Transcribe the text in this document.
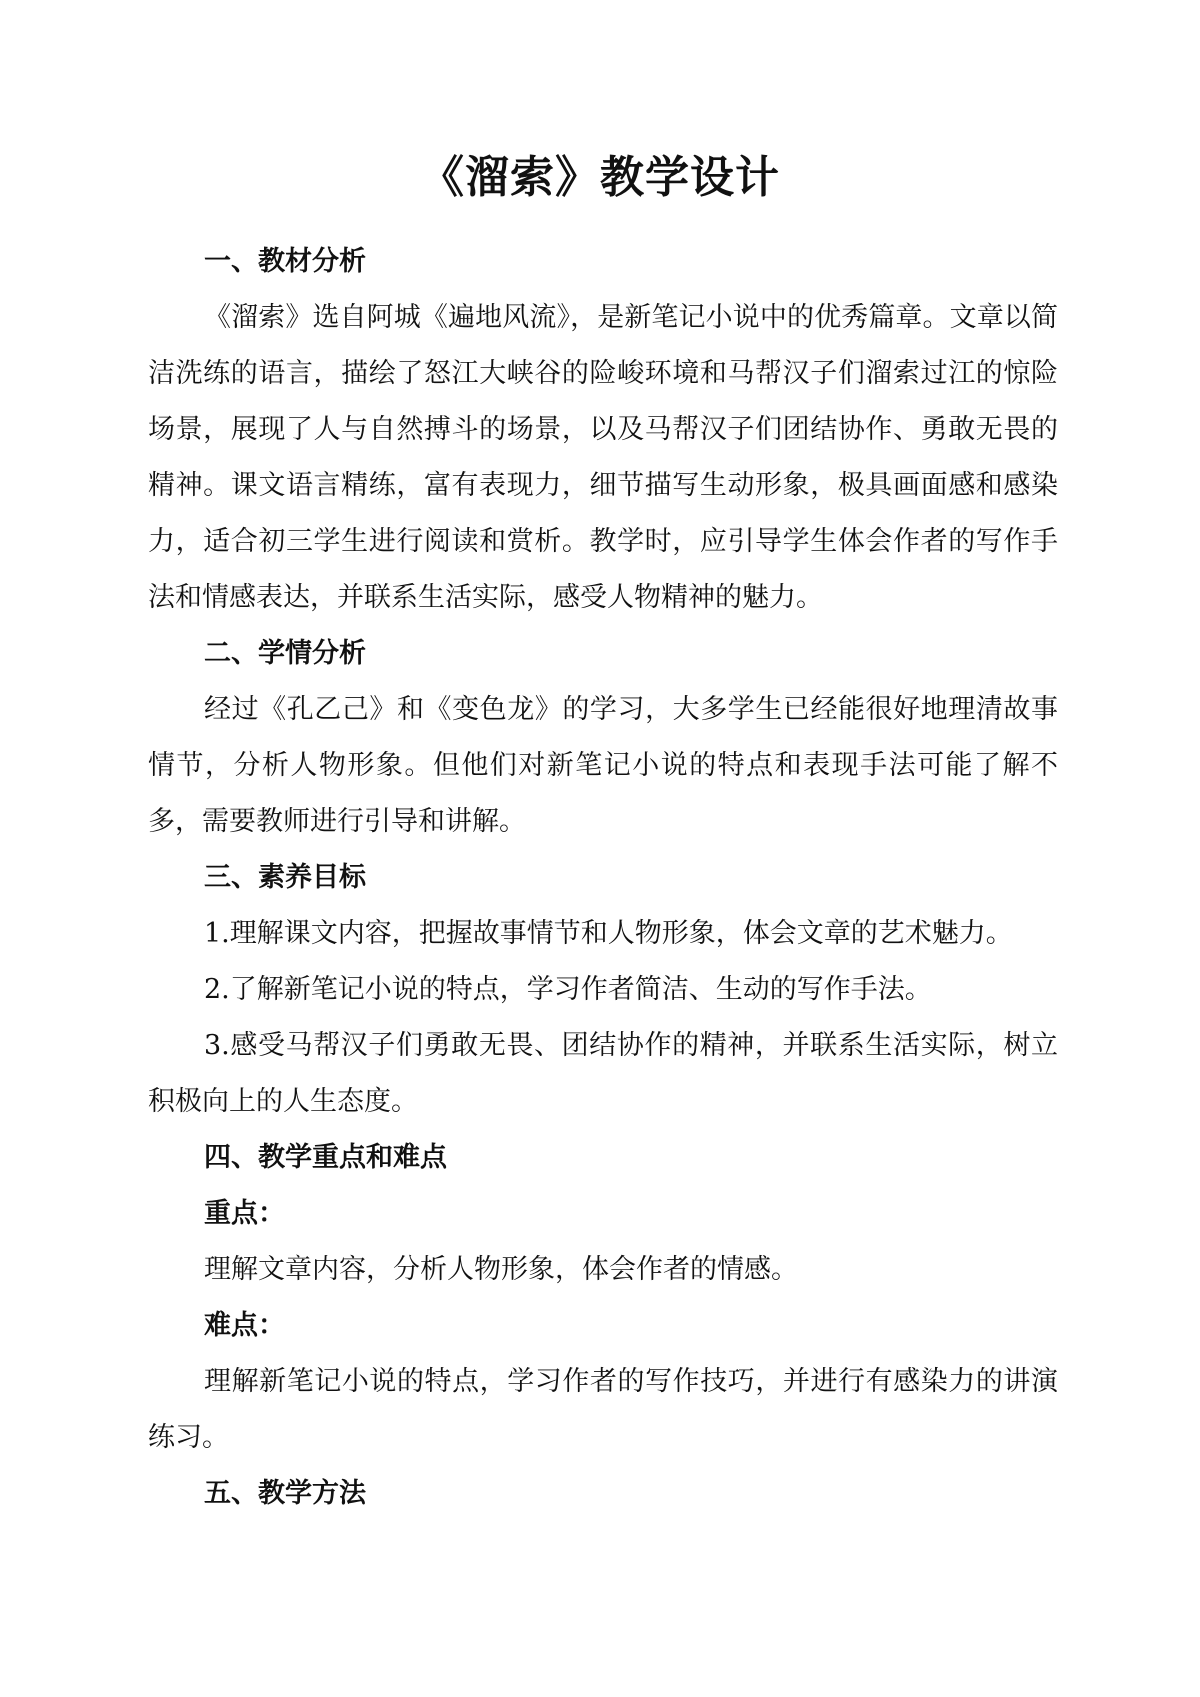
《溜索》教学设计

一、教材分析

《溜索》选自阿城《遍地风流》，是新笔记小说中的优秀篇章。文章以简洁洗练的语言，描绘了怒江大峡谷的险峻环境和马帮汉子们溜索过江的惊险场景，展现了人与自然搏斗的场景，以及马帮汉子们团结协作、勇敢无畏的精神。课文语言精练，富有表现力，细节描写生动形象，极具画面感和感染力，适合初三学生进行阅读和赏析。教学时，应引导学生体会作者的写作手法和情感表达，并联系生活实际，感受人物精神的魅力。

二、学情分析

经过《孔乙己》和《变色龙》的学习，大多学生已经能很好地理清故事情节，分析人物形象。但他们对新笔记小说的特点和表现手法可能了解不多，需要教师进行引导和讲解。

三、素养目标

1.理解课文内容，把握故事情节和人物形象，体会文章的艺术魅力。

2.了解新笔记小说的特点，学习作者简洁、生动的写作手法。

3.感受马帮汉子们勇敢无畏、团结协作的精神，并联系生活实际，树立积极向上的人生态度。

四、教学重点和难点

重点：

理解文章内容，分析人物形象，体会作者的情感。

难点：

理解新笔记小说的特点，学习作者的写作技巧，并进行有感染力的讲演练习。

五、教学方法
